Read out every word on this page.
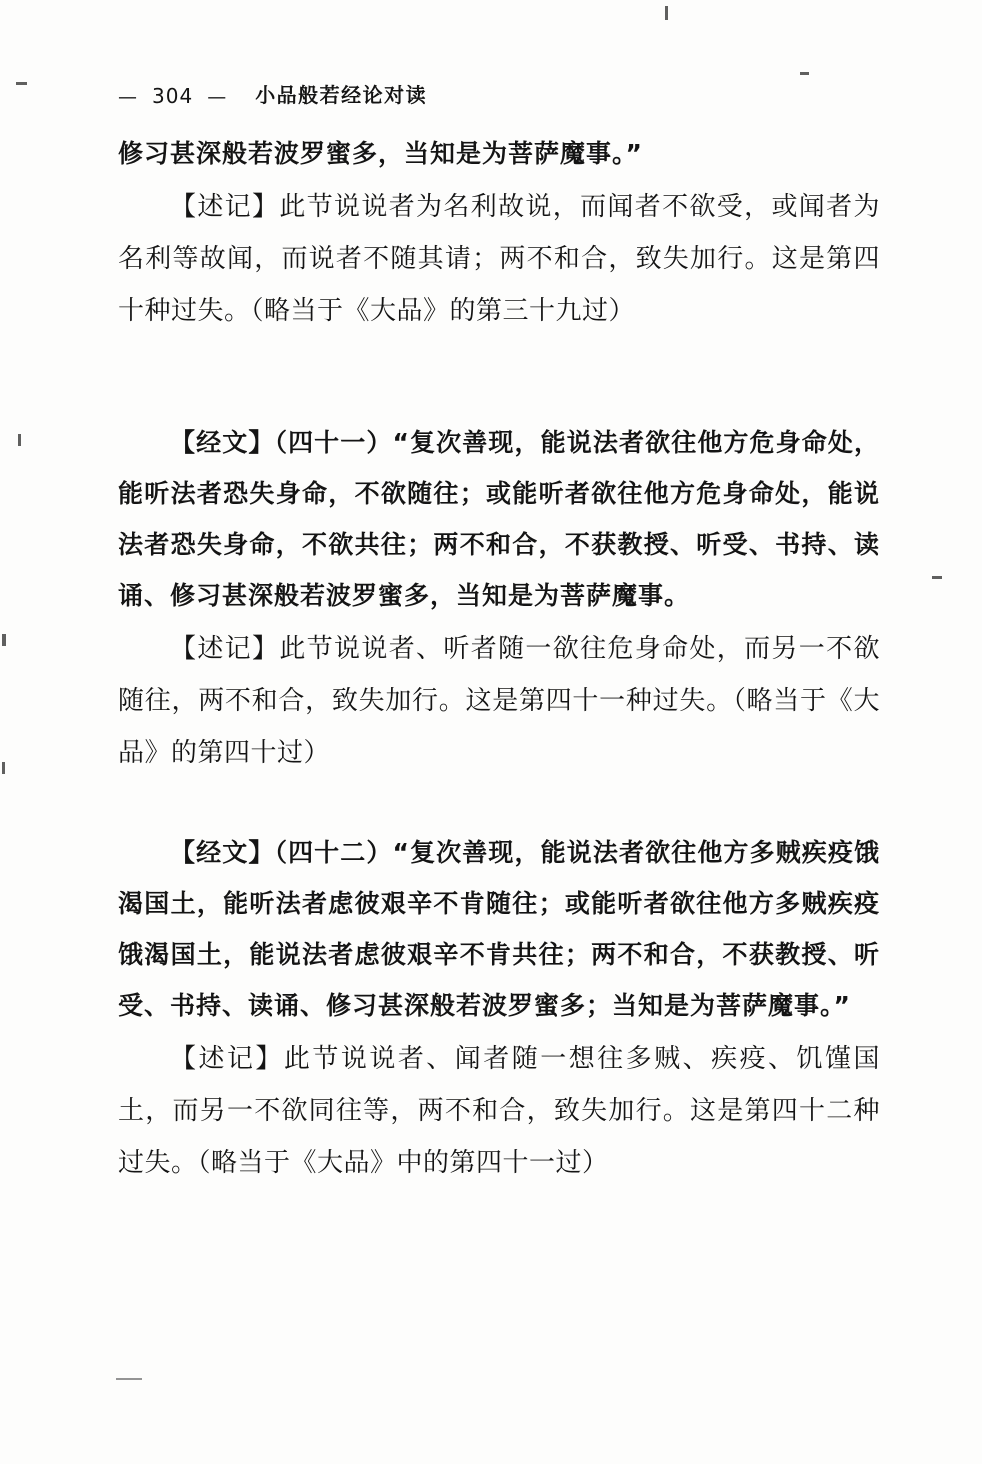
— 304 — 小品般若经论对读

修习甚深般若波罗蜜多，当知是为菩萨魔事。”

【述记】此节说说者为名利故说，而闻者不欲受，或闻者为名利等故闻，而说者不随其请；两不和合，致失加行。这是第四十种过失。（略当于《大品》的第三十九过）

【经文】（四十一）“复次善现，能说法者欲往他方危身命处，能听法者恐失身命，不欲随往；或能听者欲往他方危身命处，能说法者恐失身命，不欲共往；两不和合，不获教授、听受、书持、读诵、修习甚深般若波罗蜜多，当知是为菩萨魔事。

【述记】此节说说者、听者随一欲往危身命处，而另一不欲随往，两不和合，致失加行。这是第四十一种过失。（略当于《大品》的第四十过）

【经文】（四十二）“复次善现，能说法者欲往他方多贼疾疫饿渴国土，能听法者虑彼艰辛不肯随往；或能听者欲往他方多贼疾疫饿渴国土，能说法者虑彼艰辛不肯共往；两不和合，不获教授、听受、书持、读诵、修习甚深般若波罗蜜多；当知是为菩萨魔事。”

【述记】此节说说者、闻者随一想往多贼、疾疫、饥馑国土，而另一不欲同往等，两不和合，致失加行。这是第四十二种过失。（略当于《大品》中的第四十一过）
